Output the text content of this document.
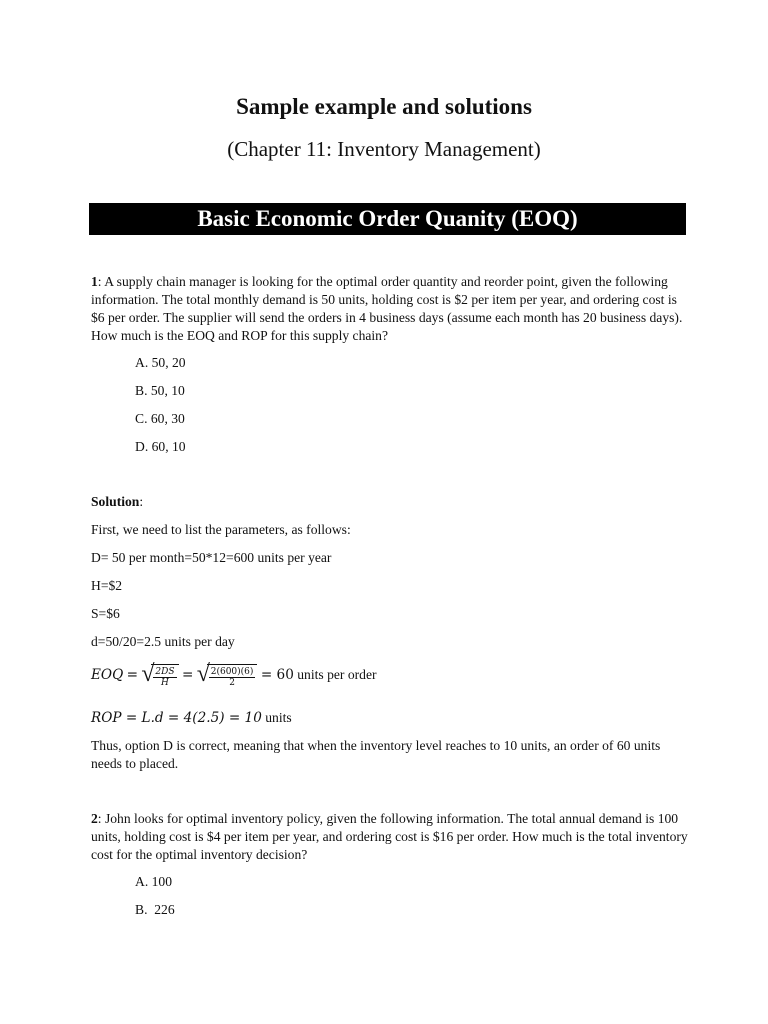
Sample example and solutions

(Chapter 11: Inventory Management)

Basic Economic Order Quanity (EOQ)

1: A supply chain manager is looking for the optimal order quantity and reorder point, given the following information. The total monthly demand is 50 units, holding cost is $2 per item per year, and ordering cost is $6 per order. The supplier will send the orders in 4 business days (assume each month has 20 business days). How much is the EOQ and ROP for this supply chain?

A. 50, 20

B. 50, 10

C. 60, 30

D. 60, 10

Solution:

First, we need to list the parameters, as follows:

D= 50 per month=50*12=600 units per year

H=$2

S=$6

d=50/20=2.5 units per day

EOQ = √
$\frac{2DS}{H}$ = √
$\frac{2(600)(6)}{2} = 60$ units per order

ROP = L.d = 4(2.5) = 10 units

Thus, option D is correct, meaning that when the inventory level reaches to 10 units, an order of 60 units needs to placed.

2: John looks for optimal inventory policy, given the following information. The total annual demand is 100 units, holding cost is $4 per item per year, and ordering cost is $16 per order. How much is the total inventory cost for the optimal inventory decision?

A. 100

B.  226
